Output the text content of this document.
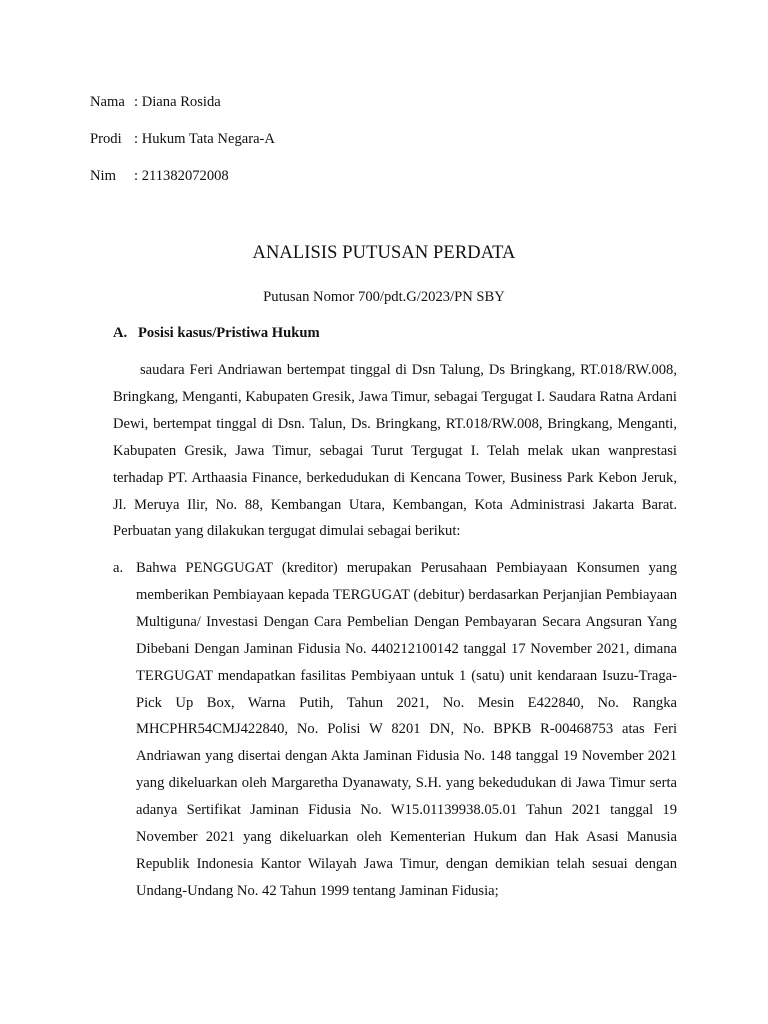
Nama : Diana Rosida
Prodi : Hukum Tata Negara-A
Nim : 211382072008
ANALISIS PUTUSAN PERDATA
Putusan Nomor 700/pdt.G/2023/PN SBY
A. Posisi kasus/Pristiwa Hukum

saudara Feri Andriawan bertempat tinggal di Dsn Talung, Ds Bringkang, RT.018/RW.008, Bringkang, Menganti, Kabupaten Gresik, Jawa Timur, sebagai Tergugat I. Saudara Ratna Ardani Dewi, bertempat tinggal di Dsn. Talun, Ds. Bringkang, RT.018/RW.008, Bringkang, Menganti, Kabupaten Gresik, Jawa Timur, sebagai Turut Tergugat I. Telah melak ukan wanprestasi terhadap PT. Arthaasia Finance, berkedudukan di Kencana Tower, Business Park Kebon Jeruk, Jl. Meruya Ilir, No. 88, Kembangan Utara, Kembangan, Kota Administrasi Jakarta Barat. Perbuatan yang dilakukan tergugat dimulai sebagai berikut:

a. Bahwa PENGGUGAT (kreditor) merupakan Perusahaan Pembiayaan Konsumen yang memberikan Pembiayaan kepada TERGUGAT (debitur) berdasarkan Perjanjian Pembiayaan Multiguna/ Investasi Dengan Cara Pembelian Dengan Pembayaran Secara Angsuran Yang Dibebani Dengan Jaminan Fidusia No. 440212100142 tanggal 17 November 2021, dimana TERGUGAT mendapatkan fasilitas Pembiyaan untuk 1 (satu) unit kendaraan Isuzu-Traga-Pick Up Box, Warna Putih, Tahun 2021, No. Mesin E422840, No. Rangka MHCPHR54CMJ422840, No. Polisi W 8201 DN, No. BPKB R-00468753 atas Feri Andriawan yang disertai dengan Akta Jaminan Fidusia No. 148 tanggal 19 November 2021 yang dikeluarkan oleh Margaretha Dyanawaty, S.H. yang bekedudukan di Jawa Timur serta adanya Sertifikat Jaminan Fidusia No. W15.01139938.05.01 Tahun 2021 tanggal 19 November 2021 yang dikeluarkan oleh Kementerian Hukum dan Hak Asasi Manusia Republik Indonesia Kantor Wilayah Jawa Timur, dengan demikian telah sesuai dengan Undang-Undang No. 42 Tahun 1999 tentang Jaminan Fidusia;
